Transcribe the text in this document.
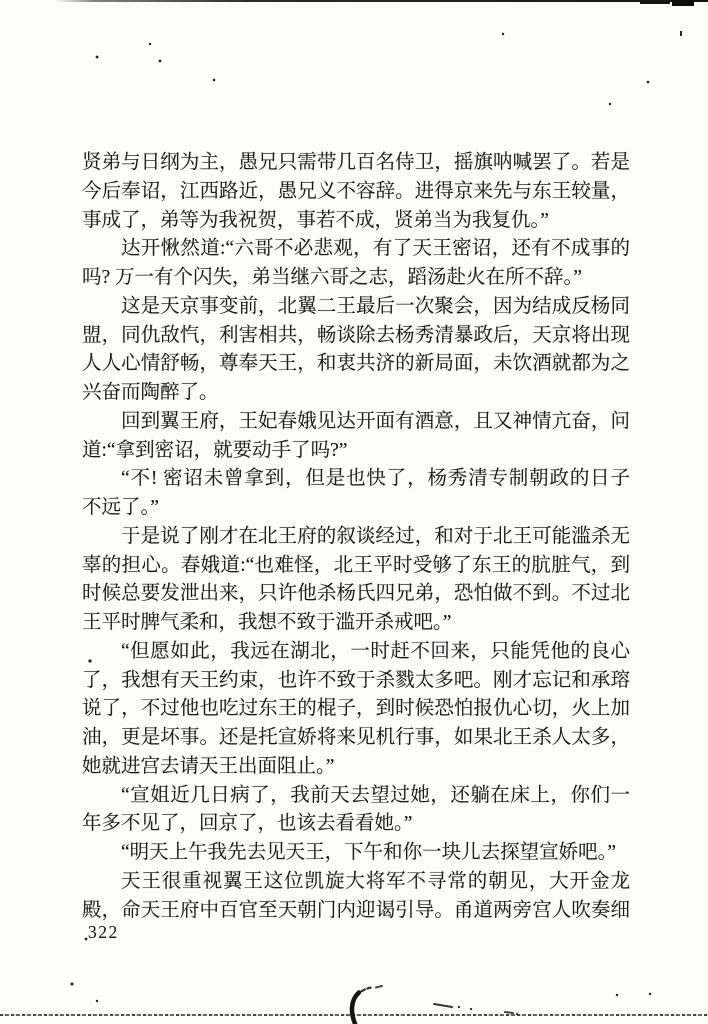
贤弟与日纲为主，愚兄只需带几百名侍卫，摇旗呐喊罢了。若是
今后奉诏，江西路近，愚兄义不容辞。进得京来先与东王较量，
事成了，弟等为我祝贺，事若不成，贤弟当为我复仇。”
达开愀然道:“六哥不必悲观，有了天王密诏，还有不成事的
吗? 万一有个闪失，弟当继六哥之志，蹈汤赴火在所不辞。”
这是天京事变前，北翼二王最后一次聚会，因为结成反杨同
盟，同仇敌忾，利害相共，畅谈除去杨秀清暴政后，天京将出现
人人心情舒畅，尊奉天王，和衷共济的新局面，未饮酒就都为之
兴奋而陶醉了。
回到翼王府，王妃春娥见达开面有酒意，且又神情亢奋，问
道:“拿到密诏，就要动手了吗?”
“不! 密诏未曾拿到，但是也快了，杨秀清专制朝政的日子
不远了。”
于是说了刚才在北王府的叙谈经过，和对于北王可能滥杀无
辜的担心。春娥道:“也难怪，北王平时受够了东王的肮脏气，到
时候总要发泄出来，只许他杀杨氏四兄弟，恐怕做不到。不过北
王平时脾气柔和，我想不致于滥开杀戒吧。”
“但愿如此，我远在湖北，一时赶不回来，只能凭他的良心
了，我想有天王约束，也许不致于杀戮太多吧。刚才忘记和承瑢
说了，不过他也吃过东王的棍子，到时候恐怕报仇心切，火上加
油，更是坏事。还是托宣娇将来见机行事，如果北王杀人太多，
她就进宫去请天王出面阻止。”
“宣姐近几日病了，我前天去望过她，还躺在床上，你们一
年多不见了，回京了，也该去看看她。”
“明天上午我先去见天王，下午和你一块儿去探望宣娇吧。”
天王很重视翼王这位凯旋大将军不寻常的朝见，大开金龙
殿，命天王府中百官至天朝门内迎谒引导。甬道两旁宫人吹奏细
322
